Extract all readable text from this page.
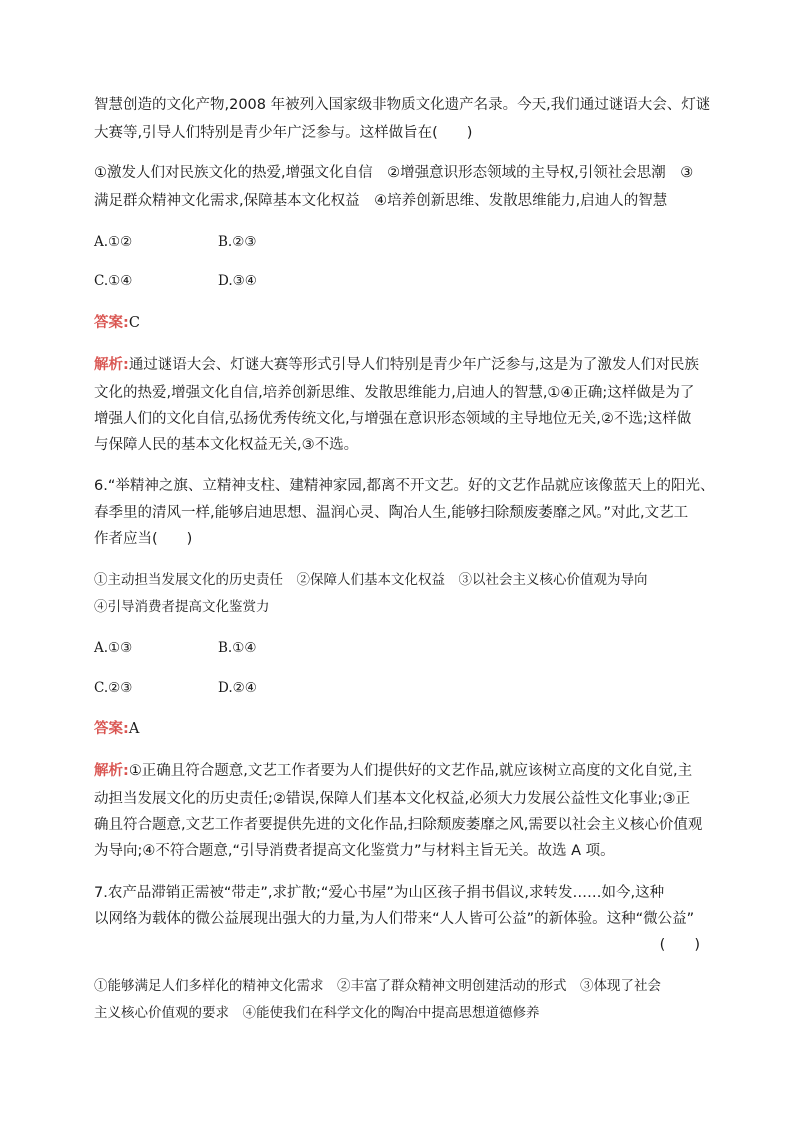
智慧创造的文化产物,2008 年被列入国家级非物质文化遗产名录。今天,我们通过谜语大会、灯谜
大赛等,引导人们特别是青少年广泛参与。这样做旨在(　　)
①激发人们对民族文化的热爱,增强文化自信　②增强意识形态领域的主导权,引领社会思潮　③
满足群众精神文化需求,保障基本文化权益　④培养创新思维、发散思维能力,启迪人的智慧
A.①②	B.②③
C.①④	D.③④
答案:C
解析:通过谜语大会、灯谜大赛等形式引导人们特别是青少年广泛参与,这是为了激发人们对民族
文化的热爱,增强文化自信,培养创新思维、发散思维能力,启迪人的智慧,①④正确;这样做是为了
增强人们的文化自信,弘扬优秀传统文化,与增强在意识形态领域的主导地位无关,②不选;这样做
与保障人民的基本文化权益无关,③不选。
6.“举精神之旗、立精神支柱、建精神家园,都离不开文艺。好的文艺作品就应该像蓝天上的阳光、
春季里的清风一样,能够启迪思想、温润心灵、陶冶人生,能够扫除颓废萎靡之风。”对此,文艺工
作者应当(　　)
①主动担当发展文化的历史责任　②保障人们基本文化权益　③以社会主义核心价值观为导向
④引导消费者提高文化鉴赏力
A.①③	B.①④
C.②③	D.②④
答案:A
解析:①正确且符合题意,文艺工作者要为人们提供好的文艺作品,就应该树立高度的文化自觉,主
动担当发展文化的历史责任;②错误,保障人们基本文化权益,必须大力发展公益性文化事业;③正
确且符合题意,文艺工作者要提供先进的文化作品,扫除颓废萎靡之风,需要以社会主义核心价值观
为导向;④不符合题意,“引导消费者提高文化鉴赏力”与材料主旨无关。故选 A 项。
7.农产品滞销正需被“带走”,求扩散;“爱心书屋”为山区孩子捐书倡议,求转发……如今,这种
以网络为载体的微公益展现出强大的力量,为人们带来“人人皆可公益”的新体验。这种“微公益”
(　　)
①能够满足人们多样化的精神文化需求　②丰富了群众精神文明创建活动的形式　③体现了社会
主义核心价值观的要求　④能使我们在科学文化的陶冶中提高思想道德修养
